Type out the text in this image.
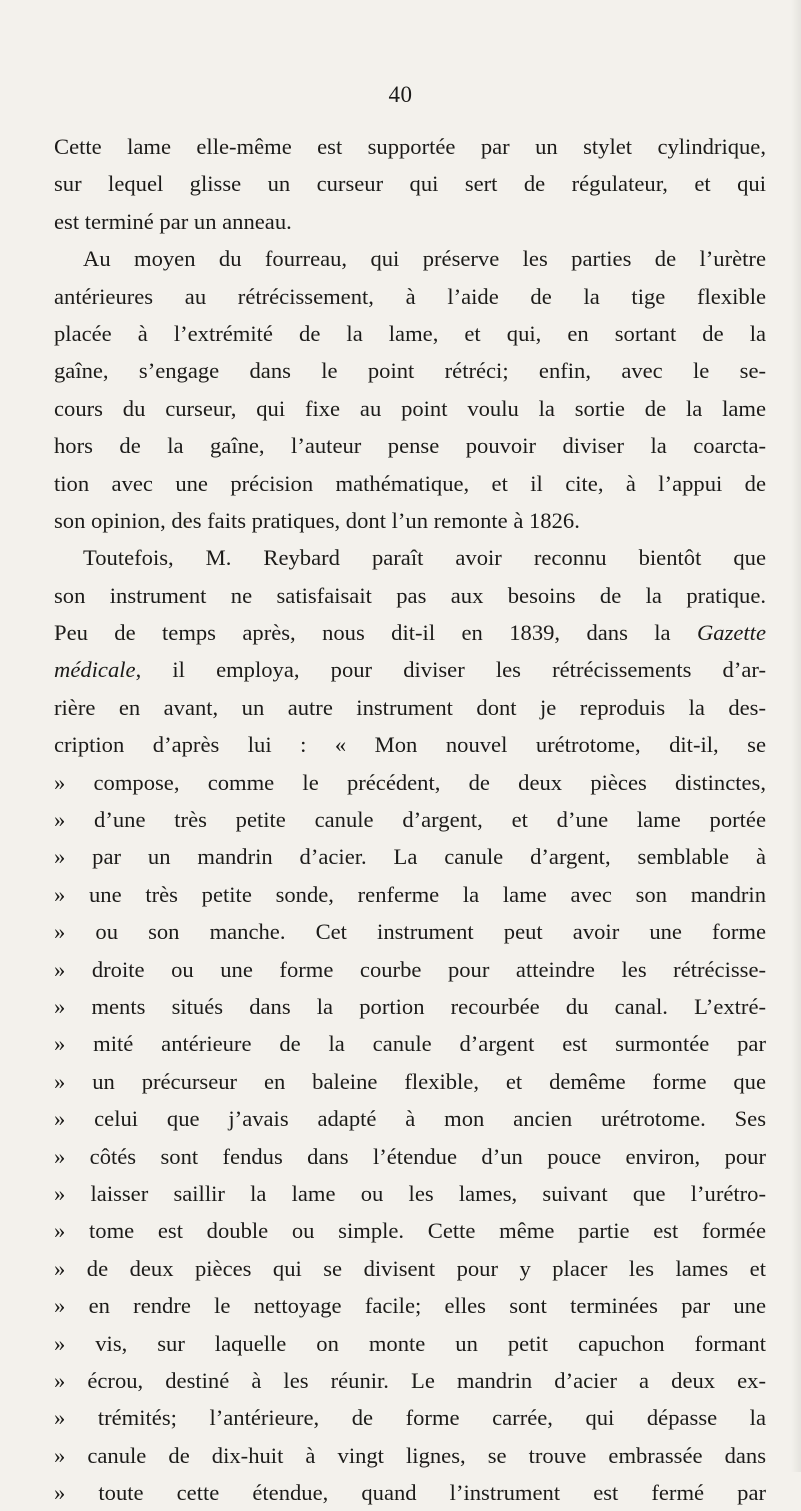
40
Cette lame elle-même est supportée par un stylet cylindrique,
sur lequel glisse un curseur qui sert de régulateur, et qui
est terminé par un anneau.
Au moyen du fourreau, qui préserve les parties de l’urètre
antérieures au rétrécissement, à l’aide de la tige flexible
placée à l’extrémité de la lame, et qui, en sortant de la
gaîne, s’engage dans le point rétréci; enfin, avec le se-
cours du curseur, qui fixe au point voulu la sortie de la lame
hors de la gaîne, l’auteur pense pouvoir diviser la coarcta-
tion avec une précision mathématique, et il cite, à l’appui de
son opinion, des faits pratiques, dont l’un remonte à 1826.
Toutefois, M. Reybard paraît avoir reconnu bientôt que
son instrument ne satisfaisait pas aux besoins de la pratique.
Peu de temps après, nous dit-il en 1839, dans la Gazette
médicale, il employa, pour diviser les rétrécissements d’ar-
rière en avant, un autre instrument dont je reproduis la des-
cription d’après lui : « Mon nouvel urétrotome, dit-il, se
» compose, comme le précédent, de deux pièces distinctes,
» d’une très petite canule d’argent, et d’une lame portée
» par un mandrin d’acier. La canule d’argent, semblable à
» une très petite sonde, renferme la lame avec son mandrin
» ou son manche. Cet instrument peut avoir une forme
» droite ou une forme courbe pour atteindre les rétrécisse-
» ments situés dans la portion recourbée du canal. L’extré-
» mité antérieure de la canule d’argent est surmontée par
» un précurseur en baleine flexible, et demême forme que
» celui que j’avais adapté à mon ancien urétrotome. Ses
» côtés sont fendus dans l’étendue d’un pouce environ, pour
» laisser saillir la lame ou les lames, suivant que l’urétro-
» tome est double ou simple. Cette même partie est formée
» de deux pièces qui se divisent pour y placer les lames et
» en rendre le nettoyage facile; elles sont terminées par une
» vis, sur laquelle on monte un petit capuchon formant
» écrou, destiné à les réunir. Le mandrin d’acier a deux ex-
» trémités; l’antérieure, de forme carrée, qui dépasse la
» canule de dix-huit à vingt lignes, se trouve embrassée dans
» toute cette étendue, quand l’instrument est fermé par
